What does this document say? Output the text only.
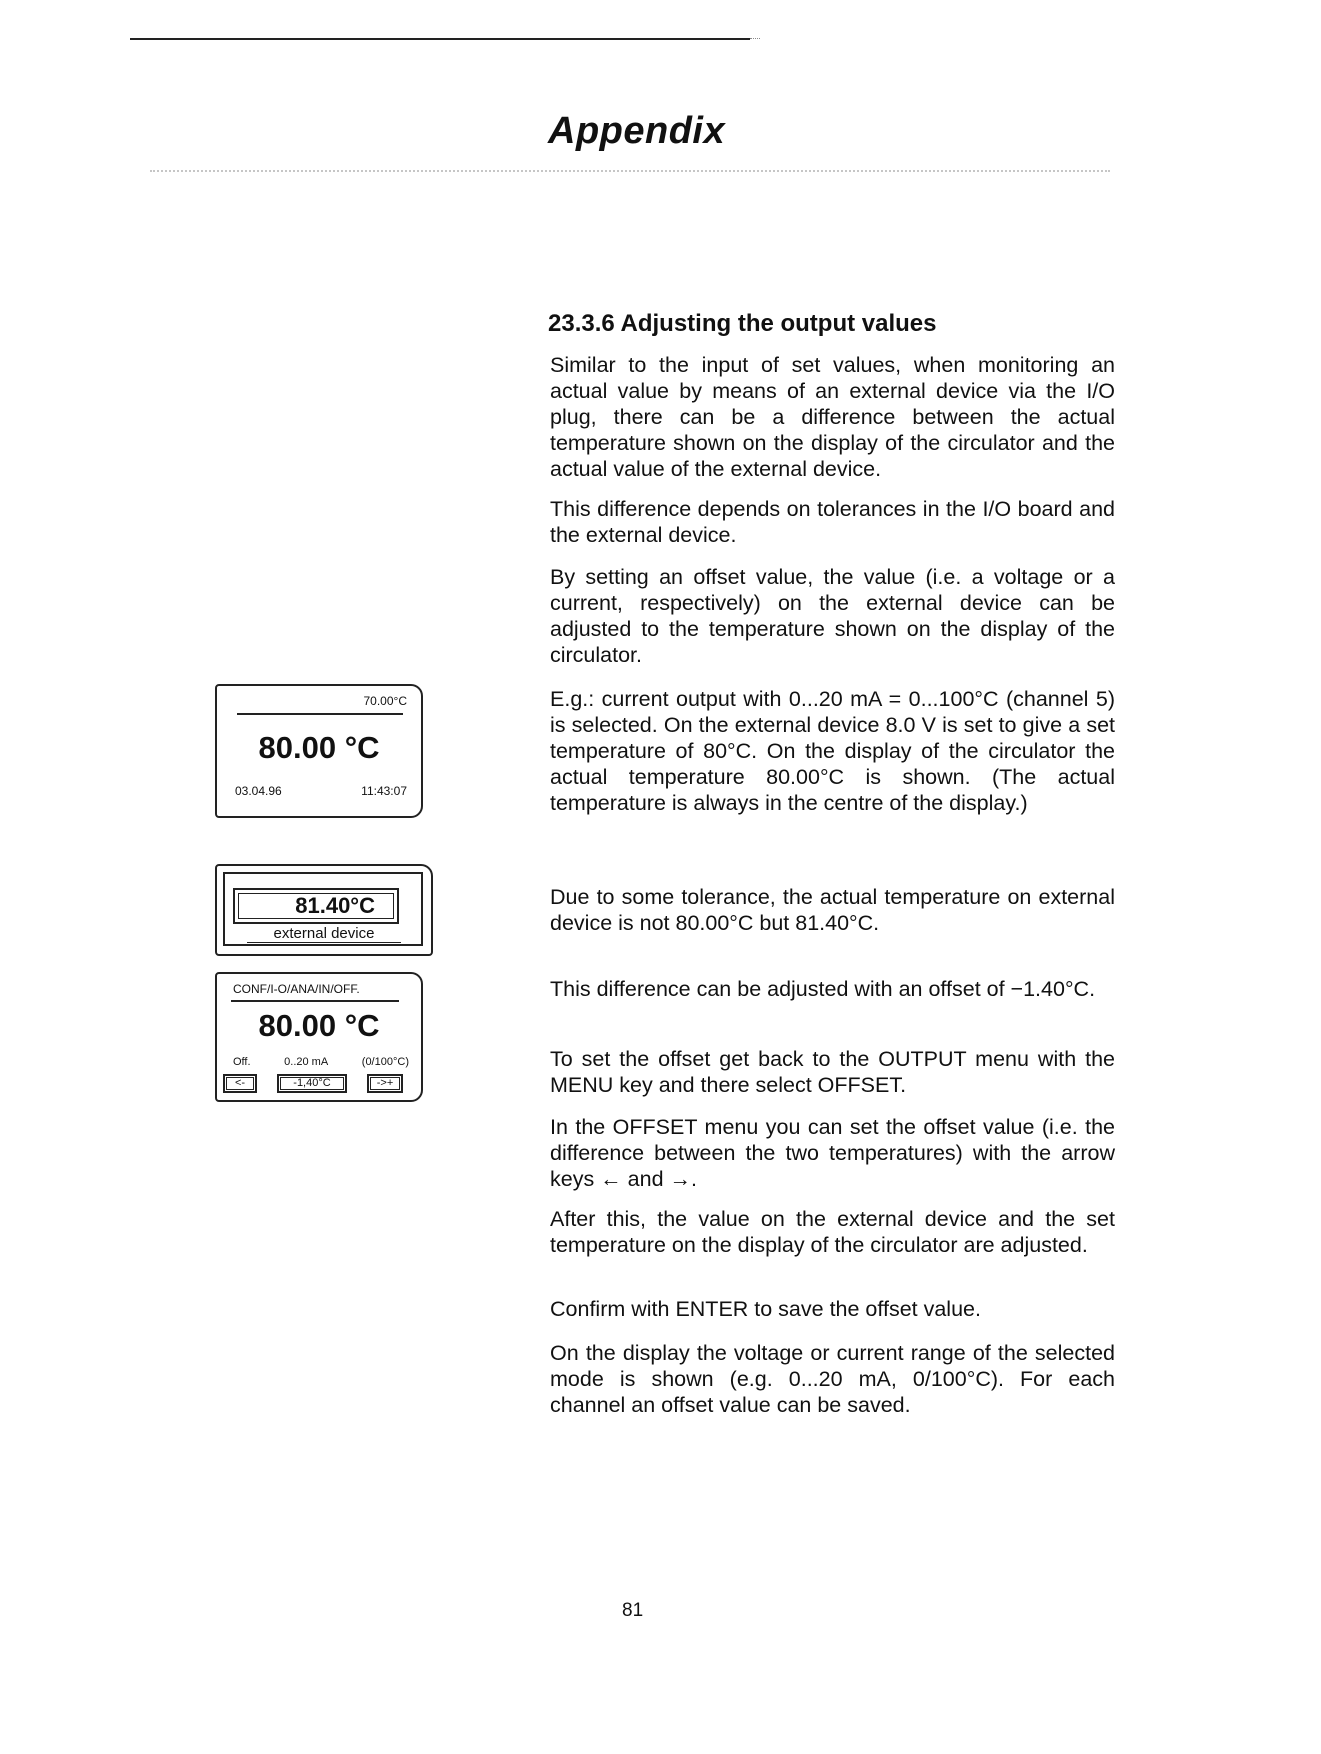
Appendix
23.3.6 Adjusting the output values

Similar to the input of set values, when monitoring an actual value by means of an external device via the I/O plug, there can be a difference between the actual temperature shown on the display of the circulator and the actual value of the external device.

This difference depends on tolerances in the I/O board and the external device.

By setting an offset value, the value (i.e. a voltage or a current, respectively) on the external device can be adjusted to the temperature shown on the display of the circulator.

E.g.: current output with 0...20 mA = 0...100°C (channel 5) is selected. On the external device 8.0 V is set to give a set temperature of 80°C. On the display of the circulator the actual temperature 80.00°C is shown. (The actual temperature is always in the centre of the display.)

Due to some tolerance, the actual temperature on external device is not 80.00°C but 81.40°C.

This difference can be adjusted with an offset of −1.40°C.

To set the offset get back to the OUTPUT menu with the MENU key and there select OFFSET.

In the OFFSET menu you can set the offset value (i.e. the difference between the two temperatures) with the arrow keys ← and →.

After this, the value on the external device and the set temperature on the display of the circulator are adjusted.

Confirm with ENTER to save the offset value.

On the display the voltage or current range of the selected mode is shown (e.g. 0...20 mA, 0/100°C). For each channel an offset value can be saved.

70.00°C
80.00 °C
03.04.96	11:43:07
81.40°C
external device
CONF/I-O/ANA/IN/OFF.
80.00 °C
Off.	0..20 mA	(0/100°C)
<-	-1,40°C	->+
81
